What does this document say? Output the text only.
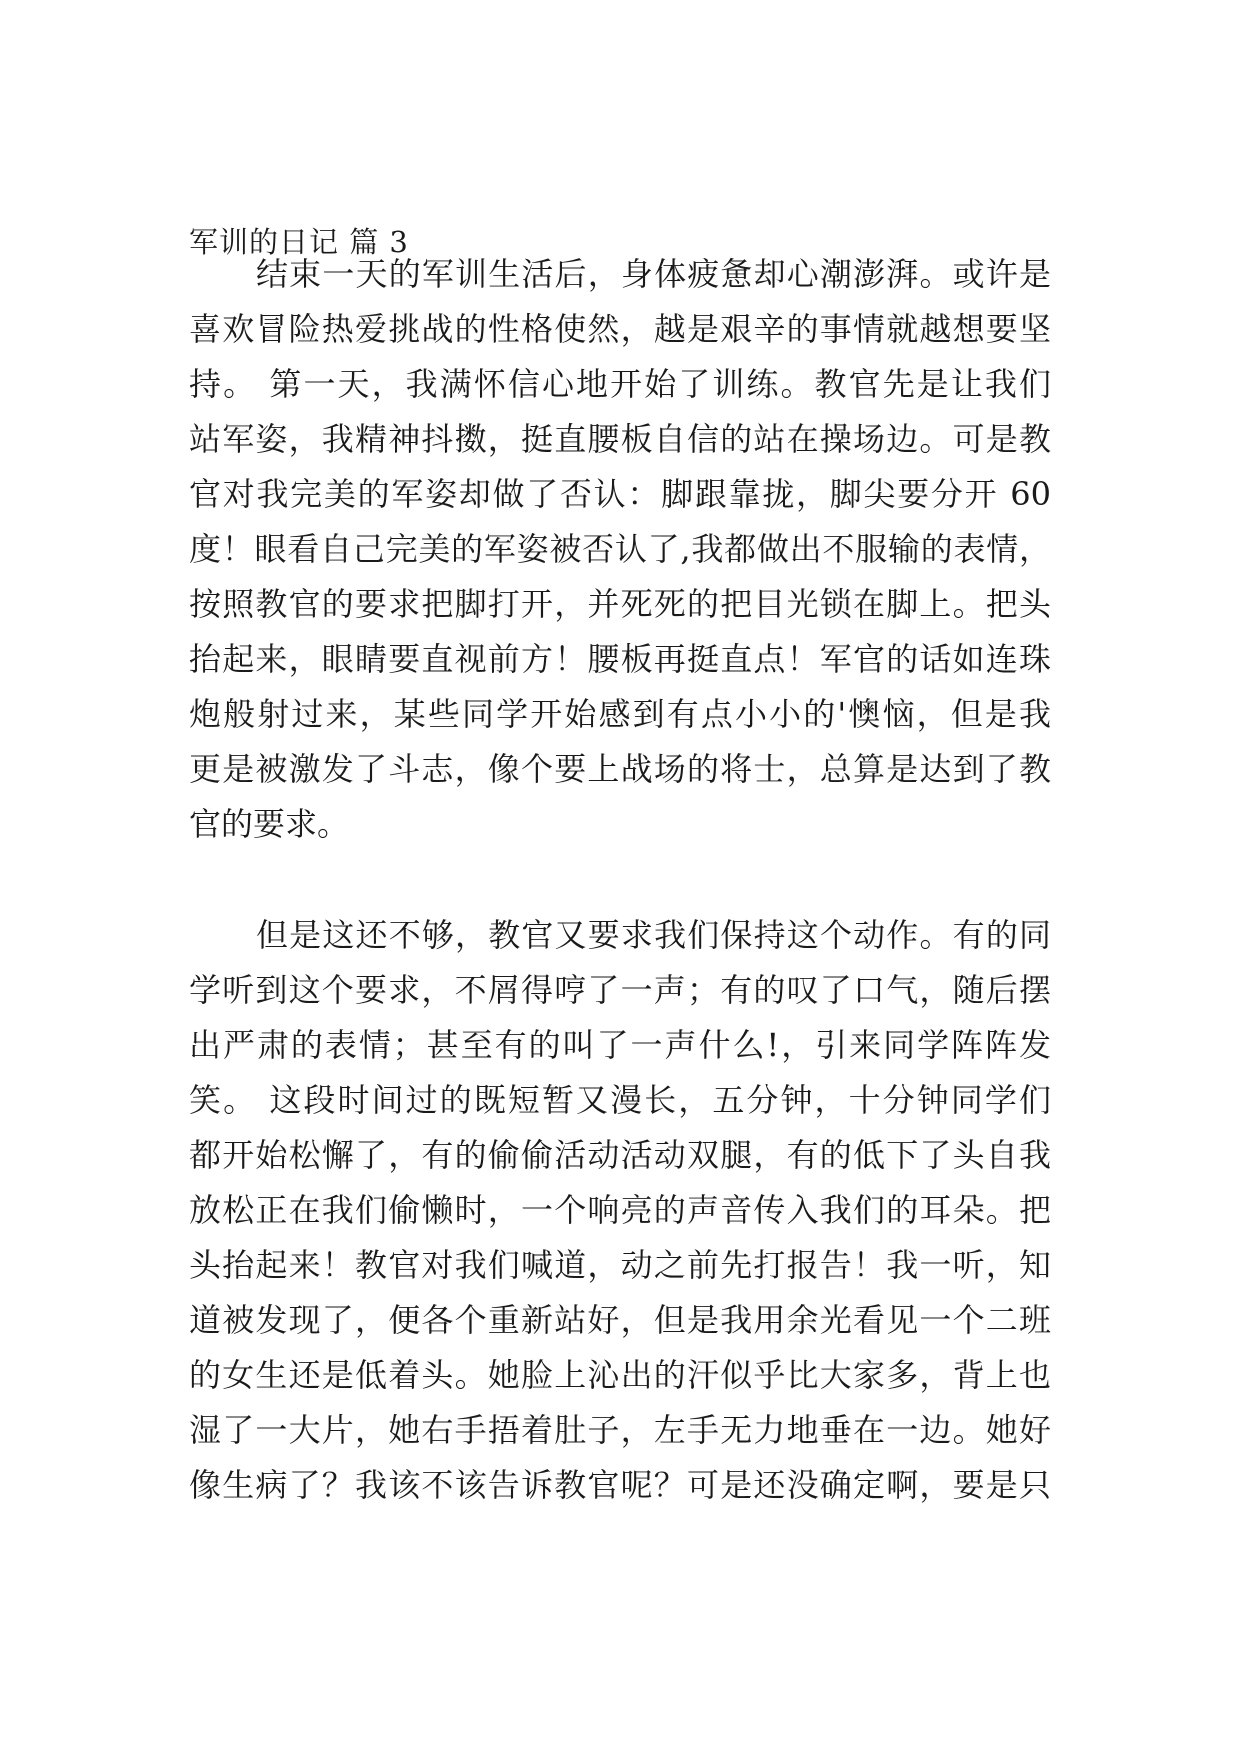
军训的日记 篇 3
结束一天的军训生活后，身体疲惫却心潮澎湃。或许是
喜欢冒险热爱挑战的性格使然，越是艰辛的事情就越想要坚
持。 第一天，我满怀信心地开始了训练。教官先是让我们
站军姿，我精神抖擞，挺直腰板自信的站在操场边。可是教
官对我完美的军姿却做了否认：脚跟靠拢，脚尖要分开 60
度！眼看自己完美的军姿被否认了,我都做出不服输的表情，
按照教官的要求把脚打开，并死死的把目光锁在脚上。把头
抬起来，眼睛要直视前方！腰板再挺直点！军官的话如连珠
炮般射过来，某些同学开始感到有点小小的'懊恼，但是我
更是被激发了斗志，像个要上战场的将士，总算是达到了教
官的要求。
但是这还不够，教官又要求我们保持这个动作。有的同
学听到这个要求，不屑得哼了一声；有的叹了口气，随后摆
出严肃的表情；甚至有的叫了一声什么!，引来同学阵阵发
笑。 这段时间过的既短暂又漫长，五分钟，十分钟同学们
都开始松懈了，有的偷偷活动活动双腿，有的低下了头自我
放松正在我们偷懒时，一个响亮的声音传入我们的耳朵。把
头抬起来！教官对我们喊道，动之前先打报告！我一听，知
道被发现了，便各个重新站好，但是我用余光看见一个二班
的女生还是低着头。她脸上沁出的汗似乎比大家多，背上也
湿了一大片，她右手捂着肚子，左手无力地垂在一边。她好
像生病了？我该不该告诉教官呢？可是还没确定啊，要是只
